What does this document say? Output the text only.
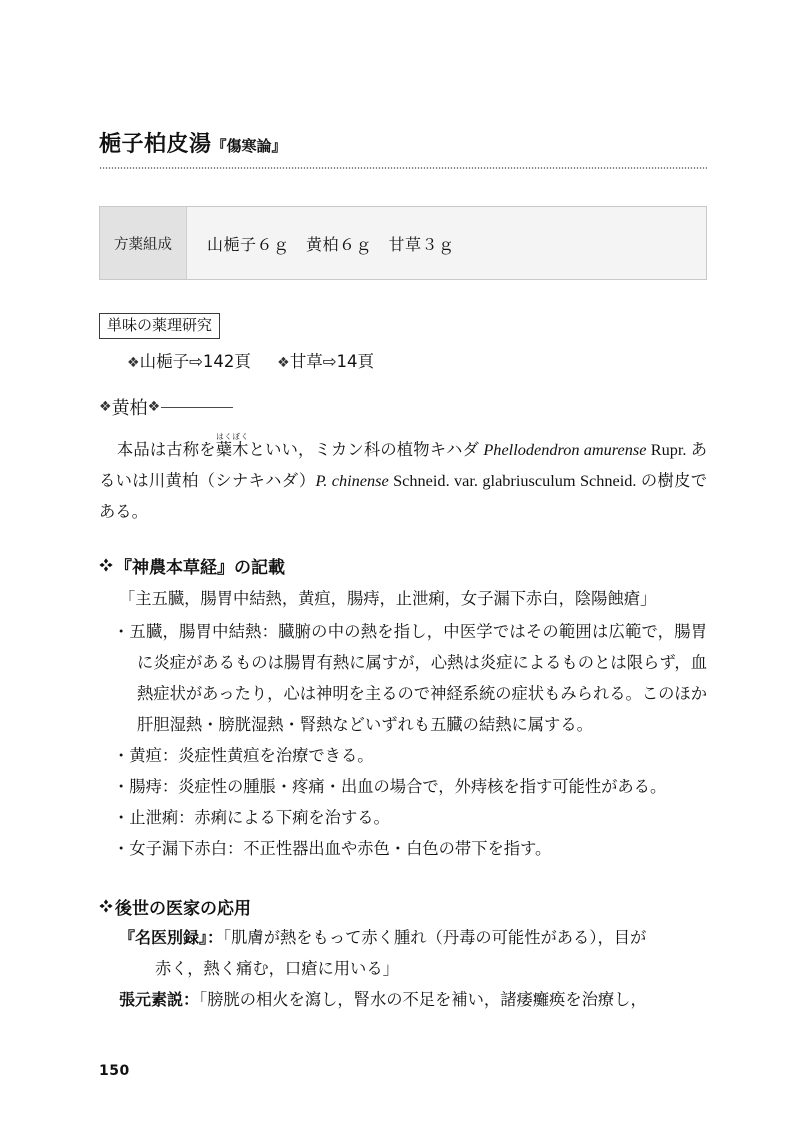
梔子柏皮湯『傷寒論』
方薬組成	山梔子６ｇ　黄柏６ｇ　甘草３ｇ
単味の薬理研究
❖山梔子⇨142頁 ❖甘草⇨14頁
❖ 黄柏 ❖
本品は古称を蘗木はくぼくといい，ミカン科の植物キハダ Phellodendron amurense Rupr. あるいは川黄柏（シナキハダ）P. chinense Schneid. var. glabriusculum Schneid. の樹皮である。
『神農本草経』の記載
「主五臓，腸胃中結熱，黄疸，腸痔，止泄痢，女子漏下赤白，陰陽蝕瘡」
・五臓，腸胃中結熱：臓腑の中の熱を指し，中医学ではその範囲は広範で，腸胃に炎症があるものは腸胃有熱に属すが，心熱は炎症によるものとは限らず，血熱症状があったり，心は神明を主るので神経系統の症状もみられる。このほか肝胆湿熱・膀胱湿熱・腎熱などいずれも五臓の結熱に属する。
・黄疸：炎症性黄疸を治療できる。
・腸痔：炎症性の腫脹・疼痛・出血の場合で，外痔核を指す可能性がある。
・止泄痢：赤痢による下痢を治する。
・女子漏下赤白：不正性器出血や赤色・白色の帯下を指す。
後世の医家の応用
『名医別録』：「肌膚が熱をもって赤く腫れ（丹毒の可能性がある），目が
赤く，熱く痛む，口瘡に用いる」
張元素説：「膀胱の相火を瀉し，腎水の不足を補い，諸痿癱痪を治療し，
150
